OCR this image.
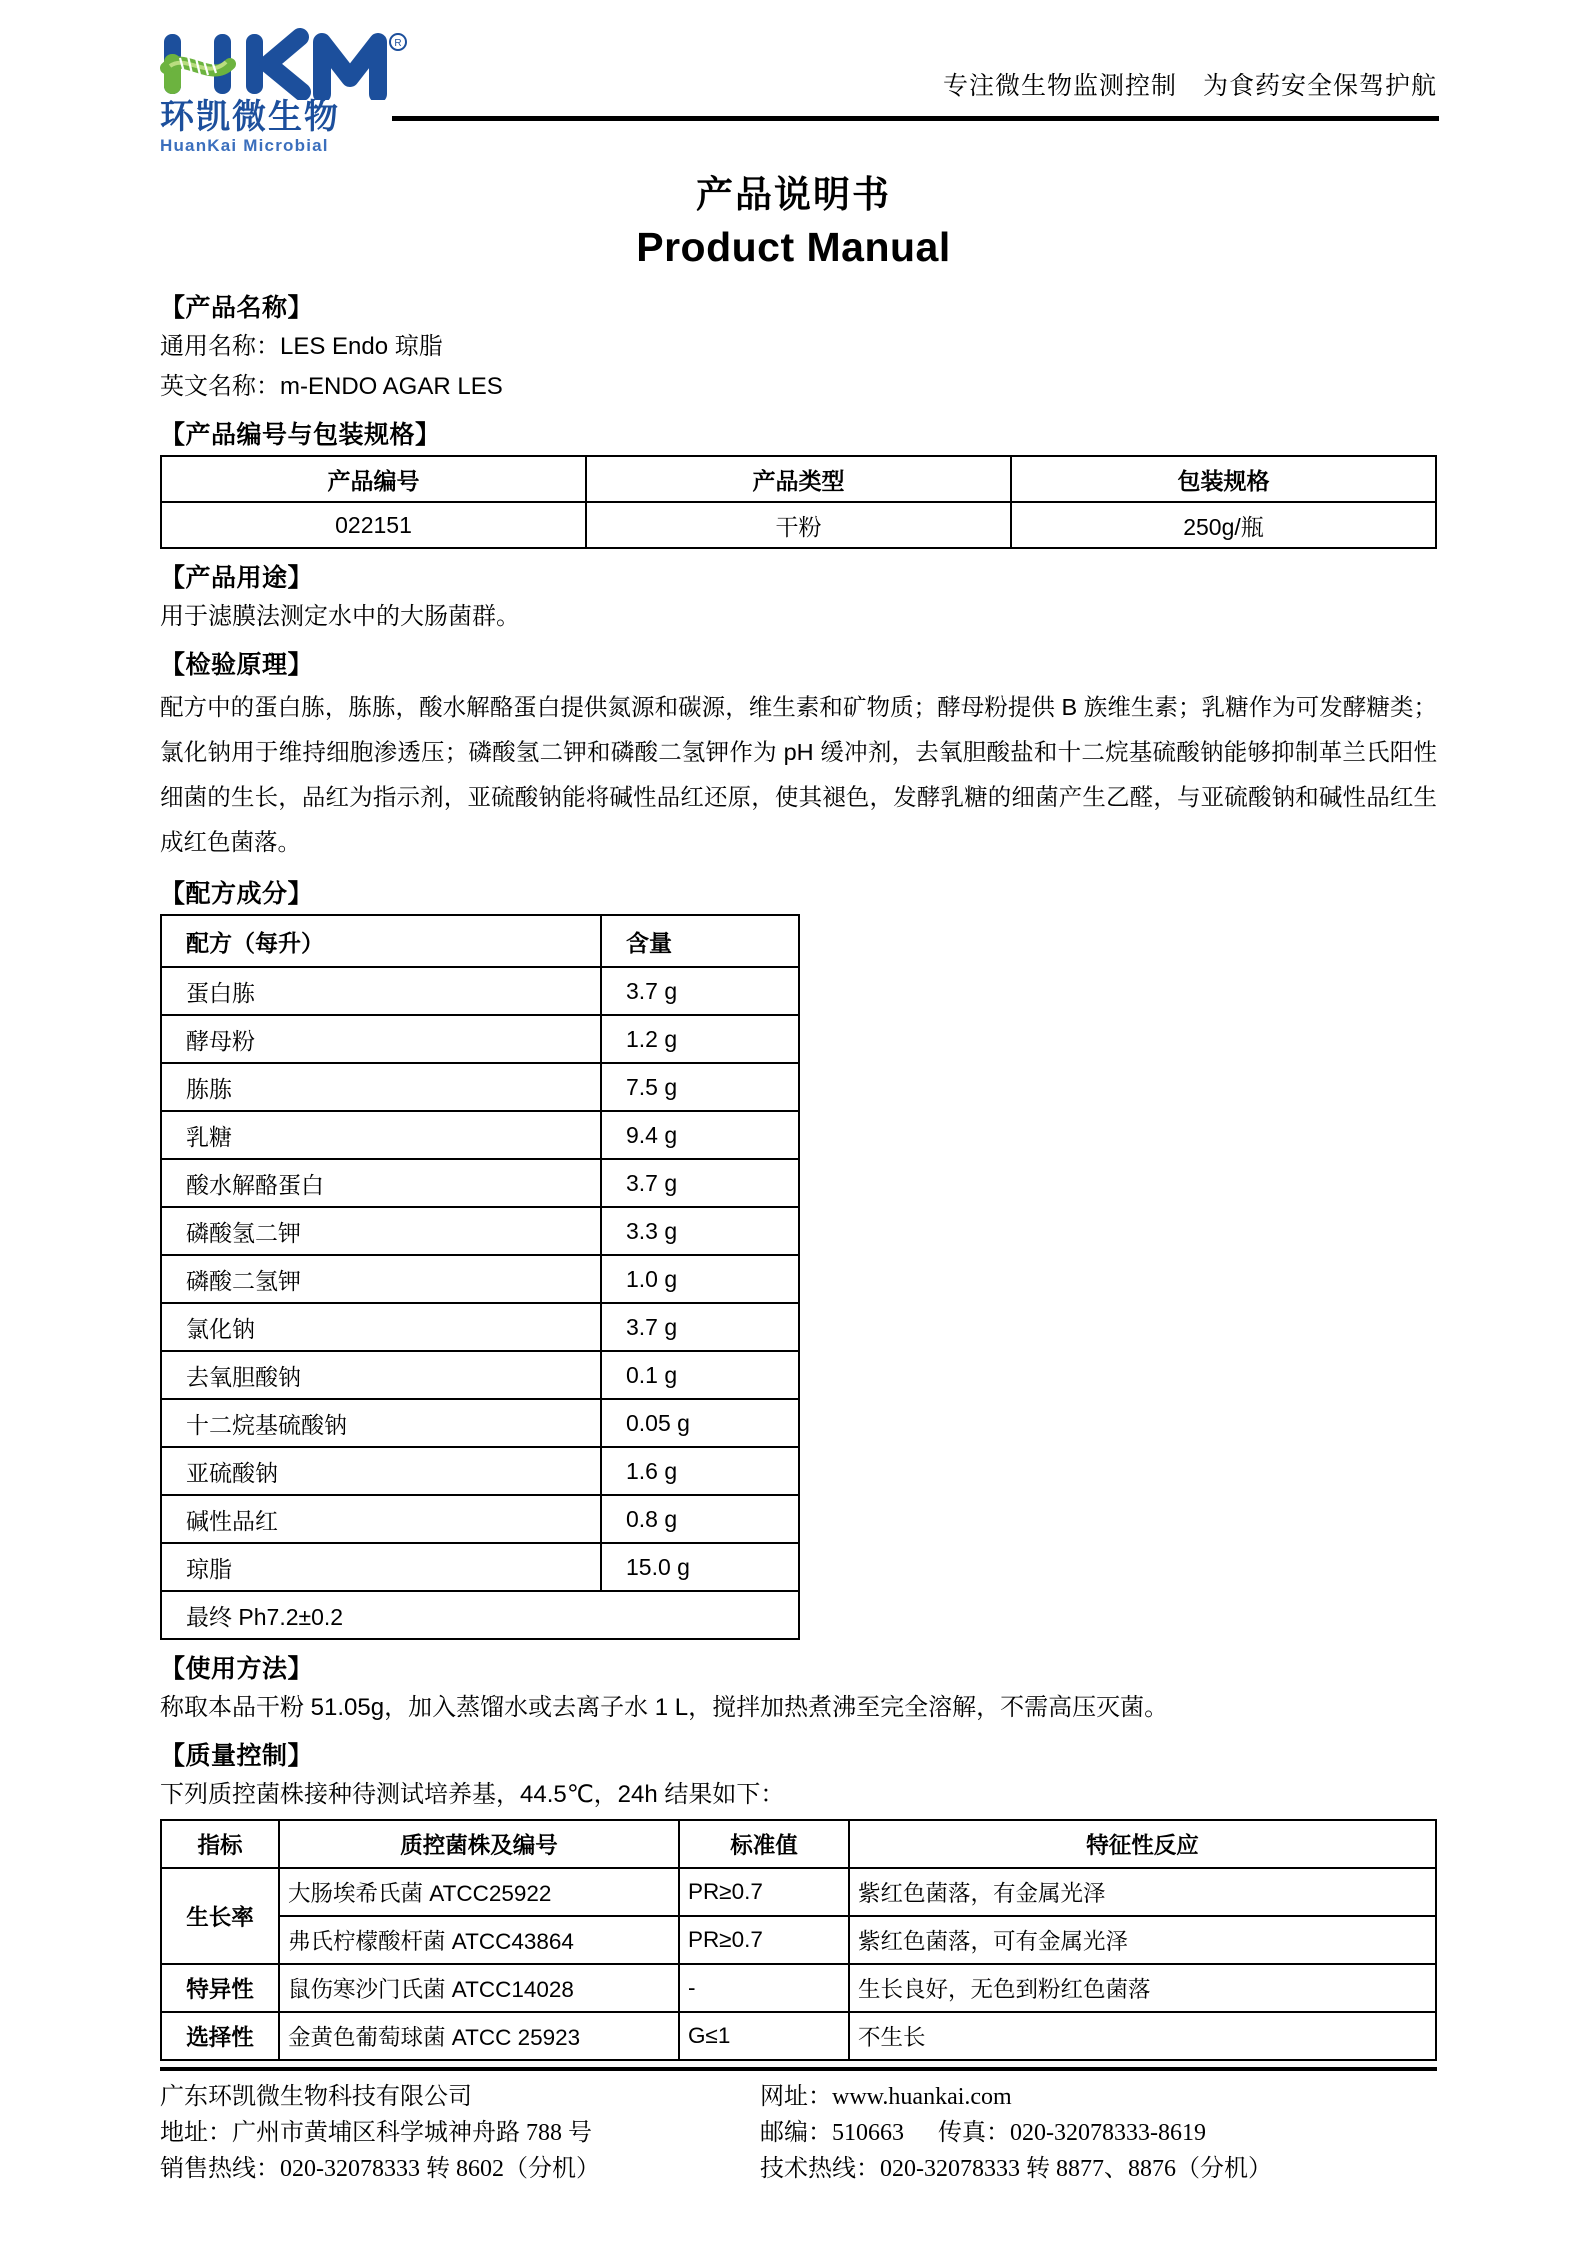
R
环凯微生物
HuanKai Microbial
专注微生物监测控制　为食药安全保驾护航
产品说明书
Product Manual
【产品名称】
通用名称：LES Endo 琼脂
英文名称：m-ENDO AGAR LES
【产品编号与包装规格】
产品编号	产品类型	包装规格
022151	干粉	250g/瓶
【产品用途】
用于滤膜法测定水中的大肠菌群。
【检验原理】
配方中的蛋白胨，胨胨，酸水解酪蛋白提供氮源和碳源，维生素和矿物质；酵母粉提供 B 族维生素；乳糖作为可发酵糖类；氯化钠用于维持细胞渗透压；磷酸氢二钾和磷酸二氢钾作为 pH 缓冲剂，去氧胆酸盐和十二烷基硫酸钠能够抑制革兰氏阳性细菌的生长，品红为指示剂，亚硫酸钠能将碱性品红还原，使其褪色，发酵乳糖的细菌产生乙醛，与亚硫酸钠和碱性品红生成红色菌落。
【配方成分】
配方（每升）	含量
蛋白胨	3.7 g
酵母粉	1.2 g
胨胨	7.5 g
乳糖	9.4 g
酸水解酪蛋白	3.7 g
磷酸氢二钾	3.3 g
磷酸二氢钾	1.0 g
氯化钠	3.7 g
去氧胆酸钠	0.1 g
十二烷基硫酸钠	0.05 g
亚硫酸钠	1.6 g
碱性品红	0.8 g
琼脂	15.0 g
最终 Ph7.2±0.2	
【使用方法】
称取本品干粉 51.05g，加入蒸馏水或去离子水 1 L，搅拌加热煮沸至完全溶解，不需高压灭菌。
【质量控制】
下列质控菌株接种待测试培养基，44.5℃，24h 结果如下：
指标	质控菌株及编号	标准值	特征性反应
生长率	大肠埃希氏菌 ATCC25922	PR≥0.7	紫红色菌落，有金属光泽
	弗氏柠檬酸杆菌 ATCC43864	PR≥0.7	紫红色菌落，可有金属光泽
特异性	鼠伤寒沙门氏菌 ATCC14028	-	生长良好，无色到粉红色菌落
选择性	金黄色葡萄球菌 ATCC 25923	G≤1	不生长
广东环凯微生物科技有限公司
地址：广州市黄埔区科学城神舟路 788 号
销售热线：020-32078333 转 8602（分机）
网址：www.huankai.com
邮编：510663 传真：020-32078333-8619
技术热线：020-32078333 转 8877、8876（分机）
